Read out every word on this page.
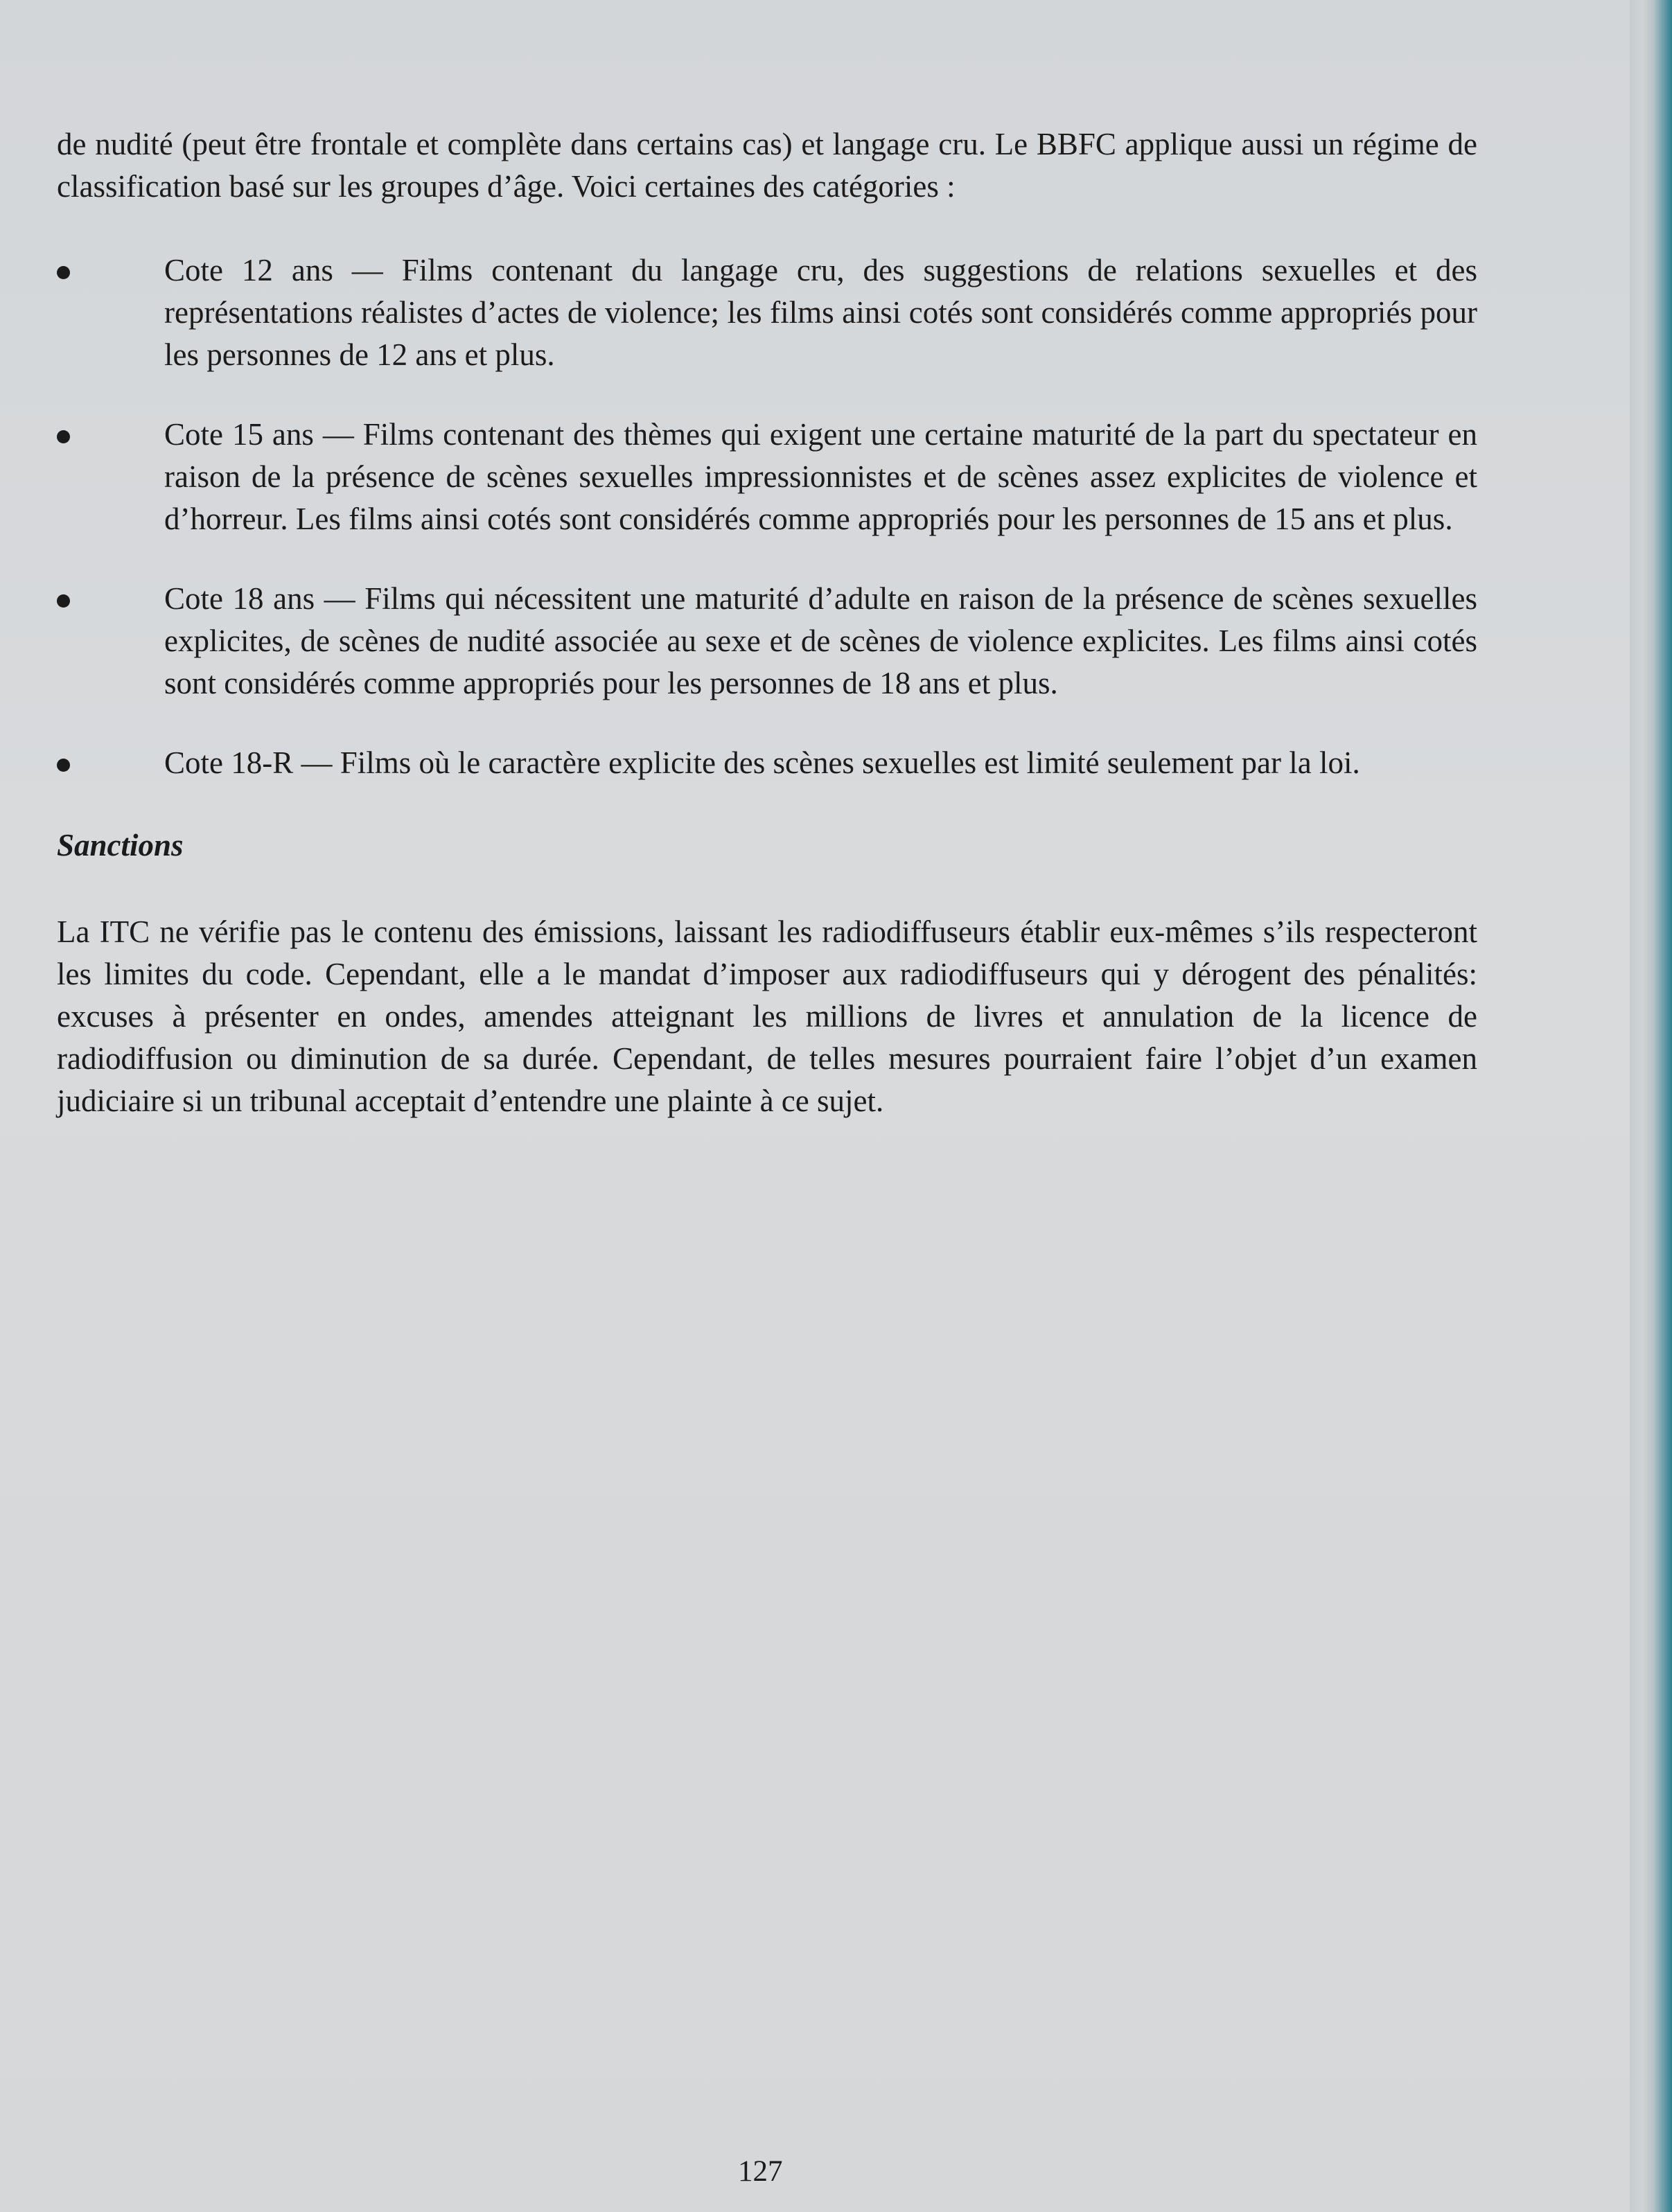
de nudité (peut être frontale et complète dans certains cas) et langage cru. Le BBFC applique aussi un régime de classification basé sur les groupes d’âge. Voici certaines des catégories :

Cote 12 ans — Films contenant du langage cru, des suggestions de relations sexuelles et des représentations réalistes d’actes de violence; les films ainsi cotés sont considérés comme appropriés pour les personnes de 12 ans et plus.
Cote 15 ans — Films contenant des thèmes qui exigent une certaine maturité de la part du spectateur en raison de la présence de scènes sexuelles impressionnistes et de scènes assez explicites de violence et d’horreur. Les films ainsi cotés sont considérés comme appropriés pour les personnes de 15 ans et plus.
Cote 18 ans — Films qui nécessitent une maturité d’adulte en raison de la présence de scènes sexuelles explicites, de scènes de nudité associée au sexe et de scènes de violence explicites. Les films ainsi cotés sont considérés comme appropriés pour les personnes de 18 ans et plus.
Cote 18-R — Films où le caractère explicite des scènes sexuelles est limité seulement par la loi.
Sanctions

La ITC ne vérifie pas le contenu des émissions, laissant les radiodiffuseurs établir eux-mêmes s’ils respecteront les limites du code. Cependant, elle a le mandat d’imposer aux radiodiffuseurs qui y dérogent des pénalités: excuses à présenter en ondes, amendes atteignant les millions de livres et annulation de la licence de radiodiffusion ou diminution de sa durée. Cependant, de telles mesures pourraient faire l’objet d’un examen judiciaire si un tribunal acceptait d’entendre une plainte à ce sujet.

127
